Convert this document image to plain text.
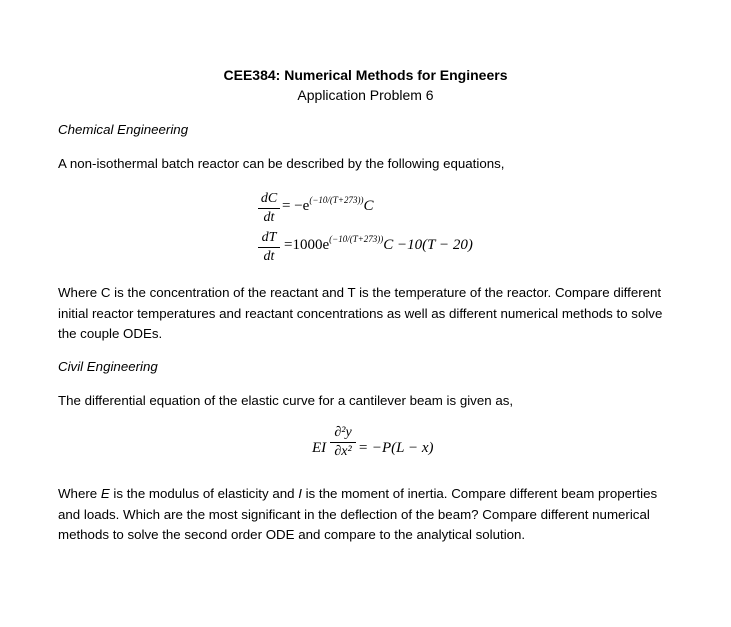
CEE384: Numerical Methods for Engineers
Application Problem 6
Chemical Engineering
A non-isothermal batch reactor can be described by the following equations,
dC
dt
= $-e^{(-10/(T+273))}C$
dT
dt
$=1000e^{(-10/(T+273))}C -10(T - 20)$
Where C is the concentration of the reactant and T is the temperature of the reactor. Compare different
initial reactor temperatures and reactant concentrations as well as different numerical methods to solve
the couple ODEs.
Civil Engineering
The differential equation of the elastic curve for a cantilever beam is given as,
EI
∂²y
∂x² = −P(L − x)
Where E is the modulus of elasticity and I is the moment of inertia. Compare different beam properties
and loads. Which are the most significant in the deflection of the beam? Compare different numerical
methods to solve the second order ODE and compare to the analytical solution.
